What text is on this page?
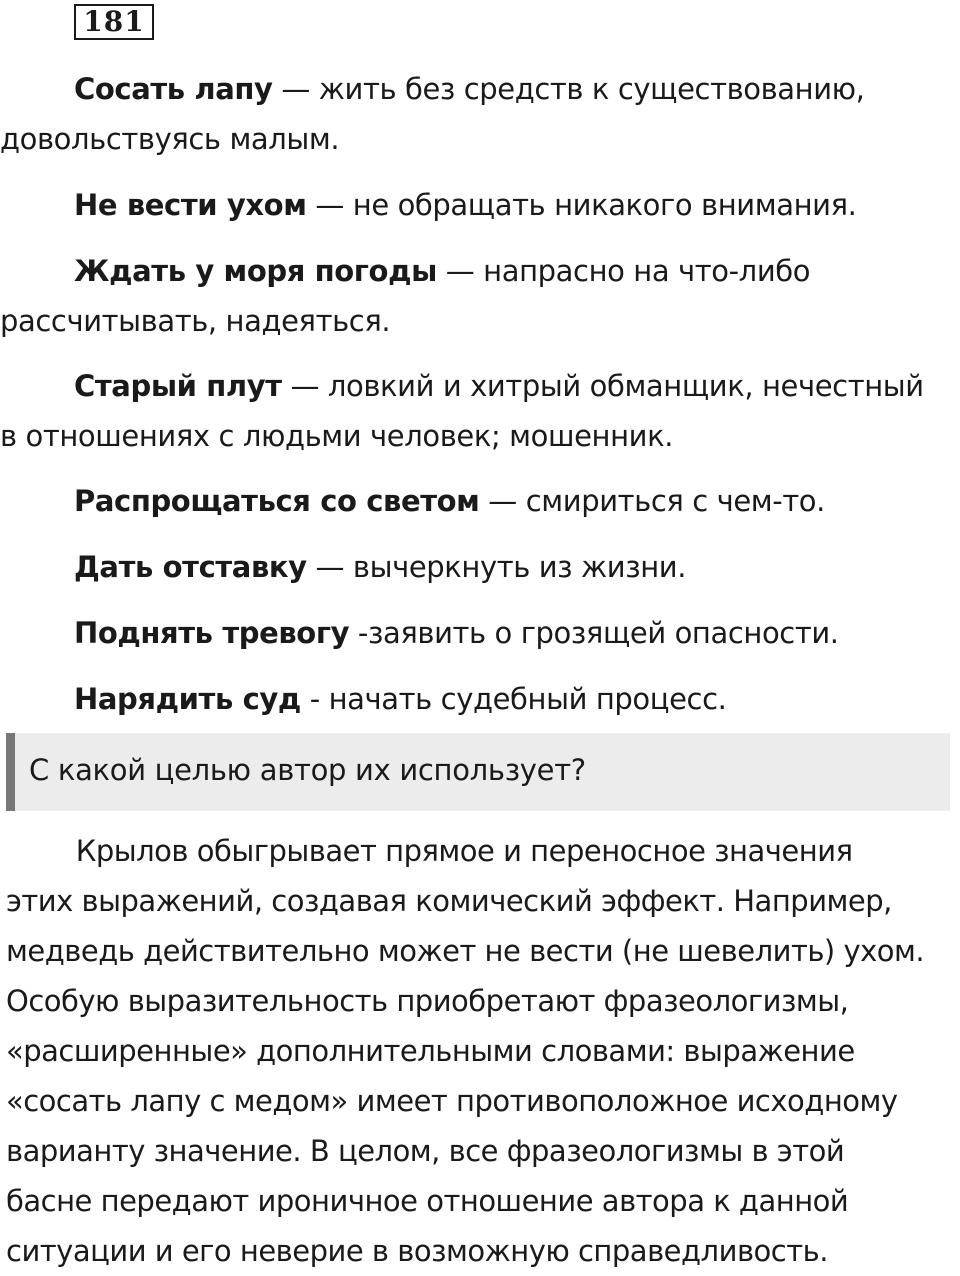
181
Сосать лапу — жить без средств к существованию,
довольствуясь малым.
Не вести ухом — не обращать никакого внимания.
Ждать у моря погоды — напрасно на что-либо
рассчитывать, надеяться.
Старый плут — ловкий и хитрый обманщик, нечестный
в отношениях с людьми человек; мошенник.
Распрощаться со светом — смириться с чем-то.
Дать отставку — вычеркнуть из жизни.
Поднять тревогу -заявить о грозящей опасности.
Нарядить суд - начать судебный процесс.
С какой целью автор их использует?
Крылов обыгрывает прямое и переносное значения
этих выражений, создавая комический эффект. Например,
медведь действительно может не вести (не шевелить) ухом.
Особую выразительность приобретают фразеологизмы,
«расширенные» дополнительными словами: выражение
«сосать лапу с медом» имеет противоположное исходному
варианту значение. В целом, все фразеологизмы в этой
басне передают ироничное отношение автора к данной
ситуации и его неверие в возможную справедливость.
